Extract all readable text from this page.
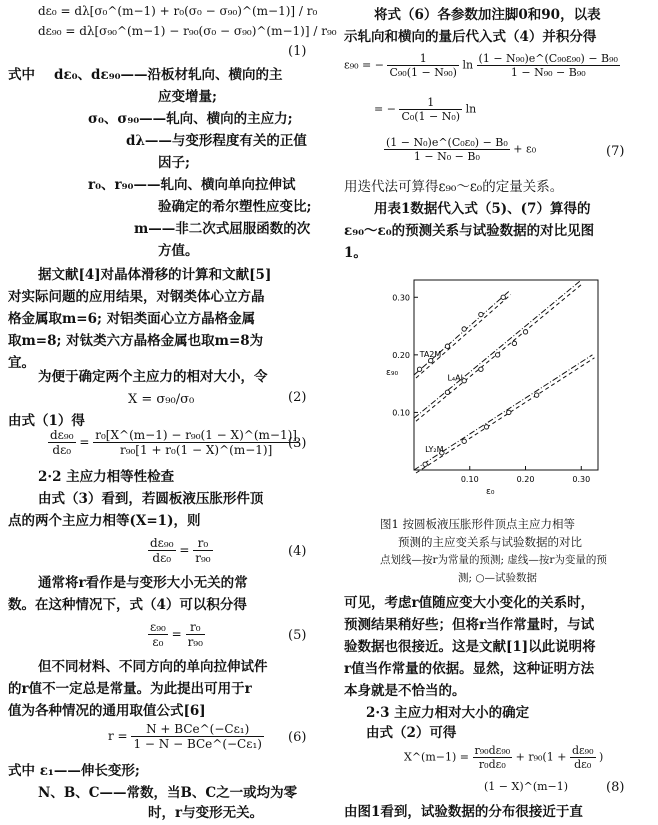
dε₀ = dλ[σ₀^(m−1) + r₀(σ₀ − σ₉₀)^(m−1)] / r₀
dε₉₀ = dλ[σ₉₀^(m−1) − r₉₀(σ₀ − σ₉₀)^(m−1)] / r₉₀
(1)
式中 dε₀、dε₉₀——沿板材轧向、横向的主
应变增量;
σ₀、σ₉₀——轧向、横向的主应力;
dλ——与变形程度有关的正值
因子;
r₀、r₉₀——轧向、横向单向拉伸试
验确定的希尔塑性应变比;
m——非二次式屈服函数的次
方值。
据文献[4]对晶体滑移的计算和文献[5]
对实际问题的应用结果，对钢类体心立方晶
格金属取m=6; 对铝类面心立方晶格金属
取m=8; 对钛类六方晶格金属也取m=8为
宜。
为便于确定两个主应力的相对大小，令
X = σ₉₀/σ₀	(2)
由式（1）得
$\frac{\text{dε₉₀}}{\text{dε₀}} = \frac{\text{r₀[X\textasciicircum{}(m−1) − r₉₀(1 − X)\textasciicircum{}(m−1)]}}{\text{r₉₀[1 + r₀(1 − X)\textasciicircum{}(m−1)]}}$
(3)
2·2 主应力相等性检查
由式（3）看到，若圆板液压胀形件顶
点的两个主应力相等(X=1)，则
$\frac{\text{dε₉₀}}{\text{dε₀}} = \frac{\text{r₀}}{\text{r₉₀}}$	(4)
通常将r看作是与变形大小无关的常
数。在这种情况下，式（4）可以积分得
$\frac{\text{ε₉₀}}{\text{ε₀}} = \frac{\text{r₀}}{\text{r₉₀}}$	(5)
但不同材料、不同方向的单向拉伸试件
的r值不一定总是常量。为此提出可用于r
值为各种情况的通用取值公式[6]
$r = \frac{\text{N + BCe\textasciicircum{}(−Cε₁)}}{\text{1 − N − BCe\textasciicircum{}(−Cε₁)}} (6)$
式中 ε₁——伸长变形;
N、B、C——常数，当B、C之一或均为零
时，r与变形无关。
将式（6）各参数加注脚0和90，以表
示轧向和横向的量后代入式（4）并积分得
ε₉₀ = − $\frac{1}{\text{C₉₀(1 − N₉₀)}}$ $\ln \frac{\text{(1 − N₉₀)e\textasciicircum{}(C₉₀ε₉₀) − B₉₀}}{\text{1 − N₉₀ − B₉₀}}$
= − $\frac{1}{\text{C₀(1 − N₀)}}$ ln
$\frac{\text{(1 − N₀)e\textasciicircum{}(C₀ε₀) − B₀}}{\text{1 − N₀ − B₀}} + \varepsilon_0$	(7)
用迭代法可算得ε₉₀～ε₀的定量关系。
用表1数据代入式（5)、(7）算得的
ε₉₀～ε₀的预测关系与试验数据的对比见图
1。
0.10	0.20	0.30
0.10
0.20
0.30
ε₀
ε₉₀
TA2M
L₄Al
LY₂M
图1 按圆板液压胀形件顶点主应力相等
预测的主应变关系与试验数据的对比
点划线—按r为常量的预测; 虚线—按r为变量的预
测; ○—试验数据
可见，考虑r值随应变大小变化的关系时，
预测结果稍好些；但将r当作常量时，与试
验数据也很接近。这是文献[1]以此说明将
r值当作常量的依据。显然，这种证明方法
本身就是不恰当的。
2·3 主应力相对大小的确定
由式（2）可得
X^(m−1) = $\frac{\text{r₉₀dε₉₀}}{\text{r₀dε₀}} + r_{90}(1 + \frac{\text{dε₉₀}}{\text{dε₀}}$ )
(1 − X)^(m−1)	(8)
由图1看到，试验数据的分布很接近于直
